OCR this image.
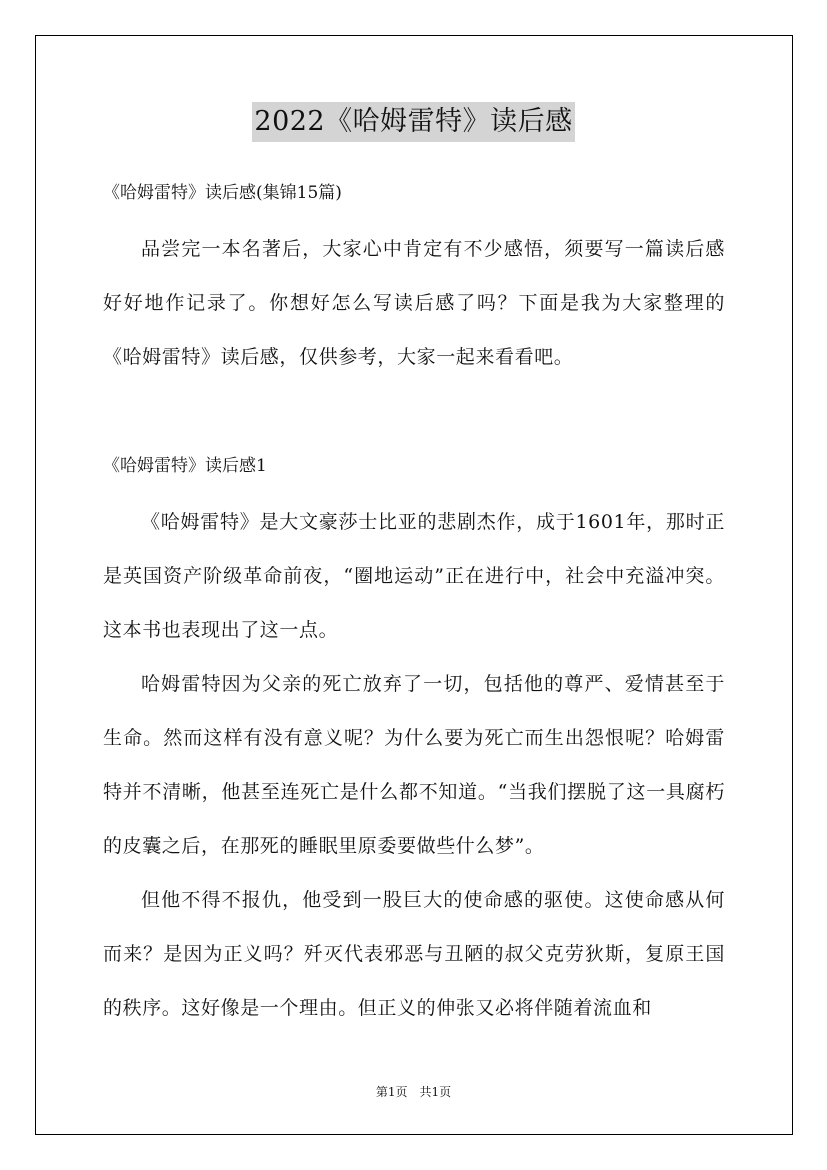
2022《哈姆雷特》读后感
《哈姆雷特》读后感(集锦15篇)

品尝完一本名著后，大家心中肯定有不少感悟，须要写一篇读后感好好地作记录了。你想好怎么写读后感了吗？下面是我为大家整理的《哈姆雷特》读后感，仅供参考，大家一起来看看吧。

《哈姆雷特》读后感1

《哈姆雷特》是大文豪莎士比亚的悲剧杰作，成于1601年，那时正是英国资产阶级革命前夜，“圈地运动”正在进行中，社会中充溢冲突。这本书也表现出了这一点。

哈姆雷特因为父亲的死亡放弃了一切，包括他的尊严、爱情甚至于生命。然而这样有没有意义呢？为什么要为死亡而生出怨恨呢？哈姆雷特并不清晰，他甚至连死亡是什么都不知道。“当我们摆脱了这一具腐朽的皮囊之后，在那死的睡眠里原委要做些什么梦”。

但他不得不报仇，他受到一股巨大的使命感的驱使。这使命感从何而来？是因为正义吗？歼灭代表邪恶与丑陋的叔父克劳狄斯，复原王国的秩序。这好像是一个理由。但正义的伸张又必将伴随着流血和

第1页　共1页
